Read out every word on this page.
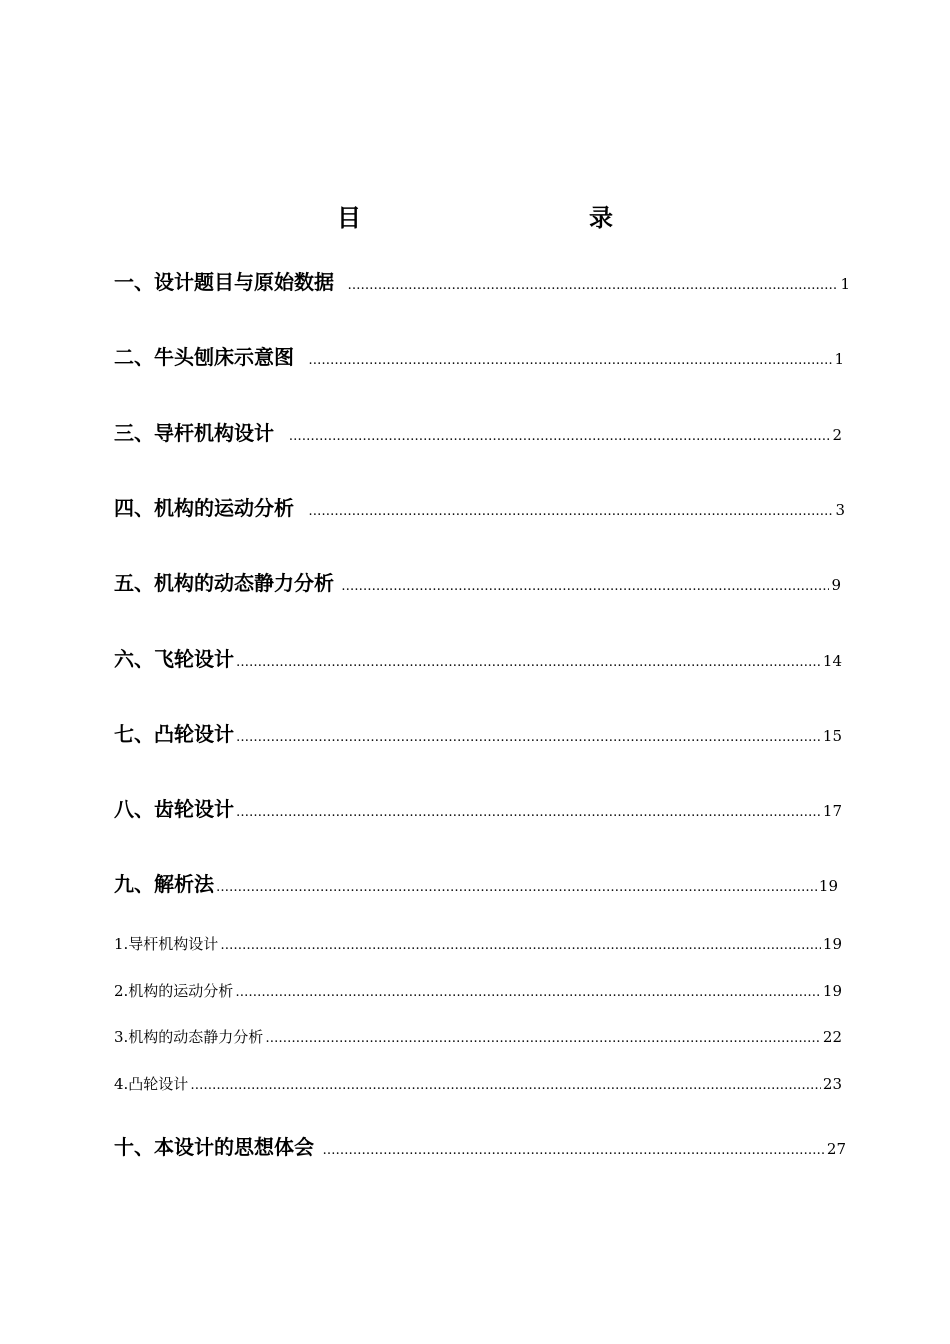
目　　录
一、设计题目与原始数据 ………………………………………………………………………………………………………………………………………………………………………………………………	1
二、牛头刨床示意图 ………………………………………………………………………………………………………………………………………………………………………………………………	1
三、导杆机构设计 ………………………………………………………………………………………………………………………………………………………………………………………………	2
四、机构的运动分析 ………………………………………………………………………………………………………………………………………………………………………………………………	3
五、机构的动态静力分析 ………………………………………………………………………………………………………………………………………………………………………………………………	9
六、飞轮设计 ………………………………………………………………………………………………………………………………………………………………………………………………	14
七、凸轮设计 ………………………………………………………………………………………………………………………………………………………………………………………………	15
八、齿轮设计 ………………………………………………………………………………………………………………………………………………………………………………………………	17
九、解析法 ………………………………………………………………………………………………………………………………………………………………………………………………	19
1.导杆机构设计 ………………………………………………………………………………………………………………………………………………………………………………………………	19
2.机构的运动分析 ………………………………………………………………………………………………………………………………………………………………………………………………	19
3.机构的动态静力分析 ………………………………………………………………………………………………………………………………………………………………………………………………	22
4.凸轮设计 ………………………………………………………………………………………………………………………………………………………………………………………………	23
十、本设计的思想体会 ………………………………………………………………………………………………………………………………………………………………………………………………	27
